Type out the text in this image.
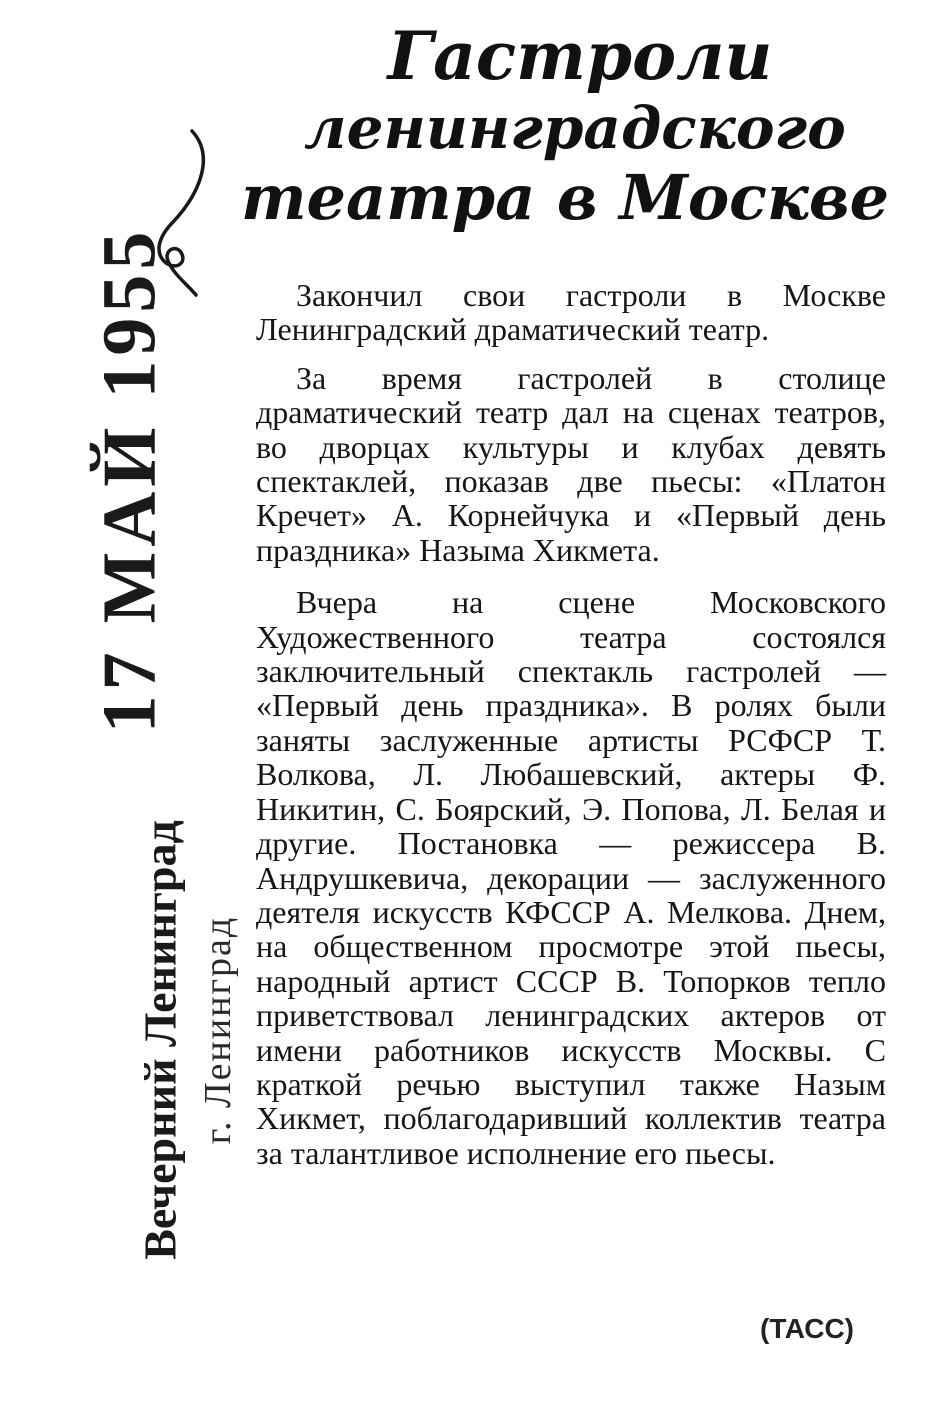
Гастроли
ленинградского
театра в Москве
17 МАЙ 1955
Вечерний Ленинград г. Ленинград

Закончил свои гастроли в Москве Ленинградский драматический театр.

За время гастролей в столице драматический театр дал на сценах театров, во дворцах культуры и клубах девять спектаклей, показав две пьесы: «Платон Кречет» А. Корнейчука и «Первый день праздника» Назыма Хикмета.

Вчера на сцене Московского Художественного театра состоялся заключительный спектакль гастролей — «Первый день праздника». В ролях были заняты заслуженные артисты РСФСР Т. Волкова, Л. Любашевский, актеры Ф. Никитин, С. Боярский, Э. Попова, Л. Белая и другие. Постановка — режиссера В. Андрушкевича, декорации — заслуженного деятеля искусств КФССР А. Мелкова. Днем, на общественном просмотре этой пьесы, народный артист СССР В. Топорков тепло приветствовал ленинградских актеров от имени работников искусств Москвы. С краткой речью выступил также Назым Хикмет, поблагодаривший коллектив театра за талантливое исполнение его пьесы.

(ТАСС)
